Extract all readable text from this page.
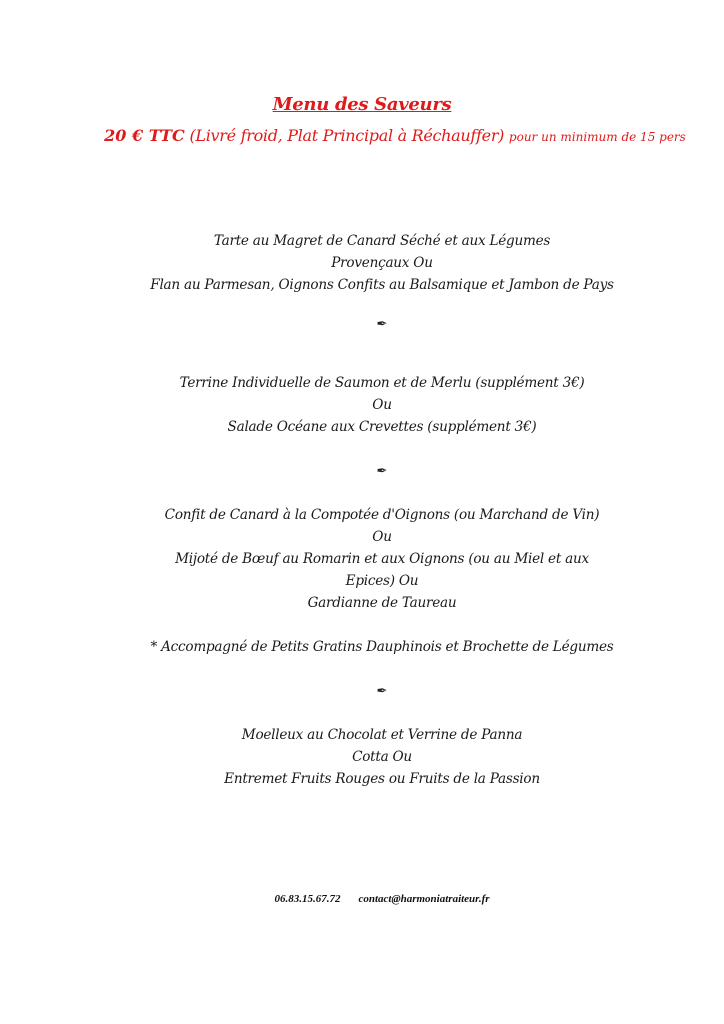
Menu des Saveurs
20 € TTC (Livré froid, Plat Principal à Réchauffer) pour un minimum de 15 pers
Tarte au Magret de Canard Séché et aux Légumes
Provençaux Ou
Flan au Parmesan, Oignons Confits au Balsamique et Jambon de Pays
✒
Terrine Individuelle de Saumon et de Merlu (supplément 3€)
Ou
Salade Océane aux Crevettes (supplément 3€)
✒
Confit de Canard à la Compotée d'Oignons (ou Marchand de Vin)
Ou
Mijoté de Bœuf au Romarin et aux Oignons (ou au Miel et aux
Epices) Ou
Gardianne de Taureau
* Accompagné de Petits Gratins Dauphinois et Brochette de Légumes
✒
Moelleux au Chocolat et Verrine de Panna
Cotta Ou
Entremet Fruits Rouges ou Fruits de la Passion
06.83.15.67.72 contact@harmoniatraiteur.fr
